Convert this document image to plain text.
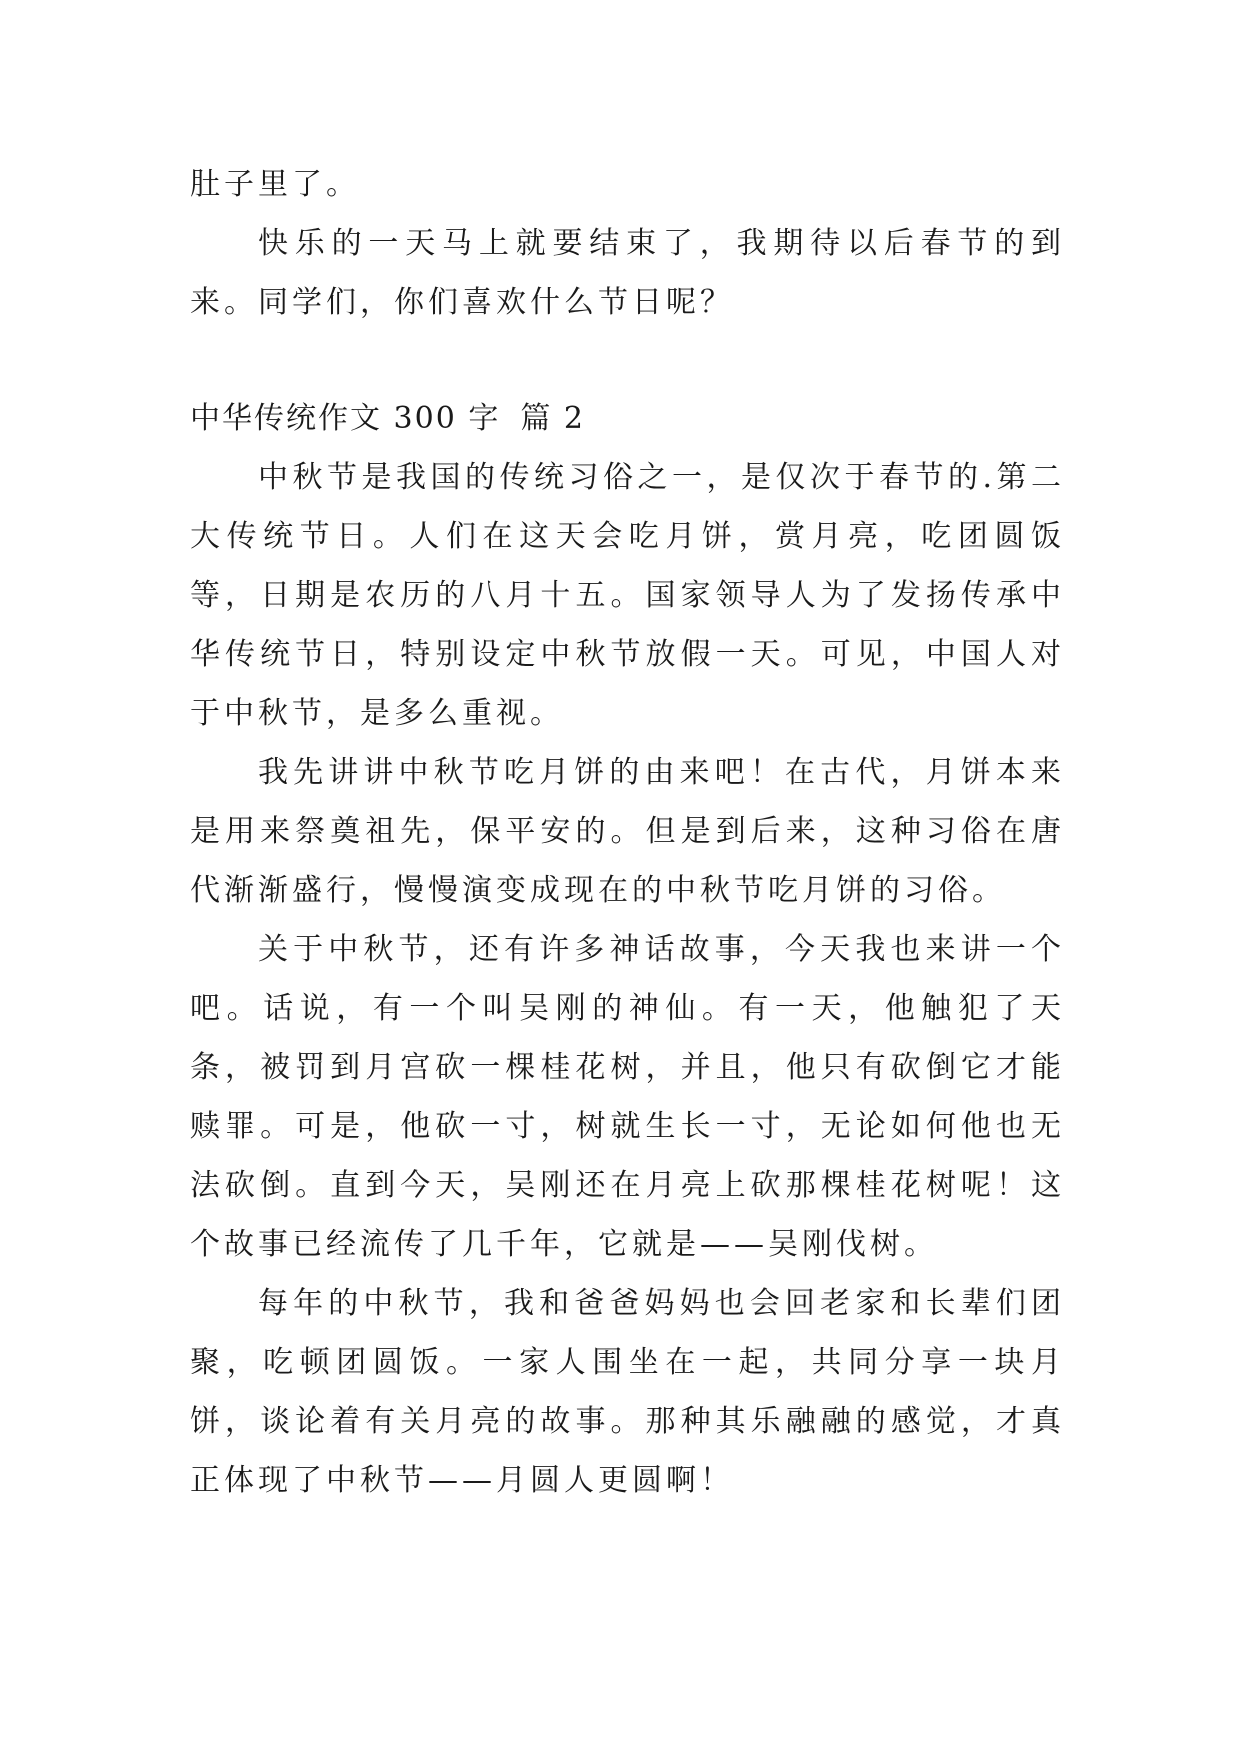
肚子里了。

快乐的一天马上就要结束了，我期待以后春节的到来。同学们，你们喜欢什么节日呢？

中华传统作文 300 字 篇 2

中秋节是我国的传统习俗之一，是仅次于春节的.第二大传统节日。人们在这天会吃月饼，赏月亮，吃团圆饭等，日期是农历的八月十五。国家领导人为了发扬传承中华传统节日，特别设定中秋节放假一天。可见，中国人对于中秋节，是多么重视。

我先讲讲中秋节吃月饼的由来吧！在古代，月饼本来是用来祭奠祖先，保平安的。但是到后来，这种习俗在唐代渐渐盛行，慢慢演变成现在的中秋节吃月饼的习俗。

关于中秋节，还有许多神话故事，今天我也来讲一个吧。话说，有一个叫吴刚的神仙。有一天，他触犯了天条，被罚到月宫砍一棵桂花树，并且，他只有砍倒它才能赎罪。可是，他砍一寸，树就生长一寸，无论如何他也无法砍倒。直到今天，吴刚还在月亮上砍那棵桂花树呢！这个故事已经流传了几千年，它就是——吴刚伐树。

每年的中秋节，我和爸爸妈妈也会回老家和长辈们团聚，吃顿团圆饭。一家人围坐在一起，共同分享一块月饼，谈论着有关月亮的故事。那种其乐融融的感觉，才真正体现了中秋节——月圆人更圆啊！
